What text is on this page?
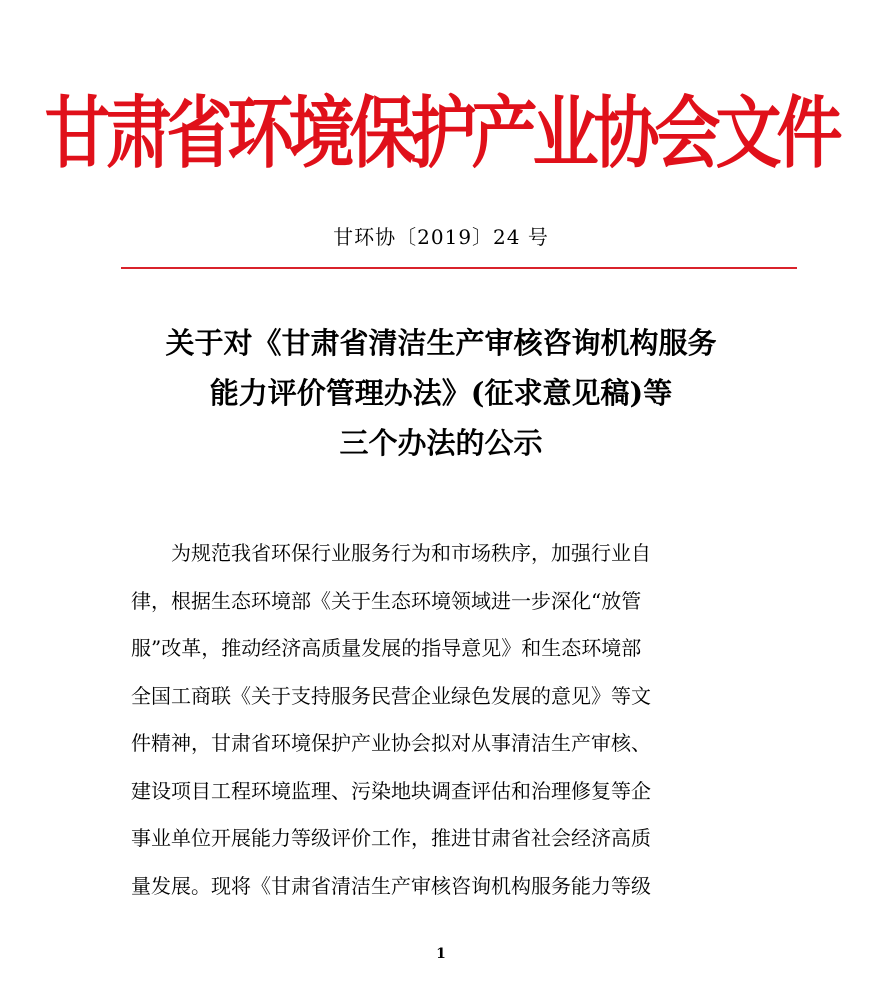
甘肃省环境保护产业协会文件
甘环协〔2019〕24 号
关于对《甘肃省清洁生产审核咨询机构服务
能力评价管理办法》(征求意见稿)等
三个办法的公示
为规范我省环保行业服务行为和市场秩序，加强行业自
律，根据生态环境部《关于生态环境领域进一步深化“放管
服”改革，推动经济高质量发展的指导意见》和生态环境部
全国工商联《关于支持服务民营企业绿色发展的意见》等文
件精神，甘肃省环境保护产业协会拟对从事清洁生产审核、
建设项目工程环境监理、污染地块调查评估和治理修复等企
事业单位开展能力等级评价工作，推进甘肃省社会经济高质
量发展。现将《甘肃省清洁生产审核咨询机构服务能力等级
1
